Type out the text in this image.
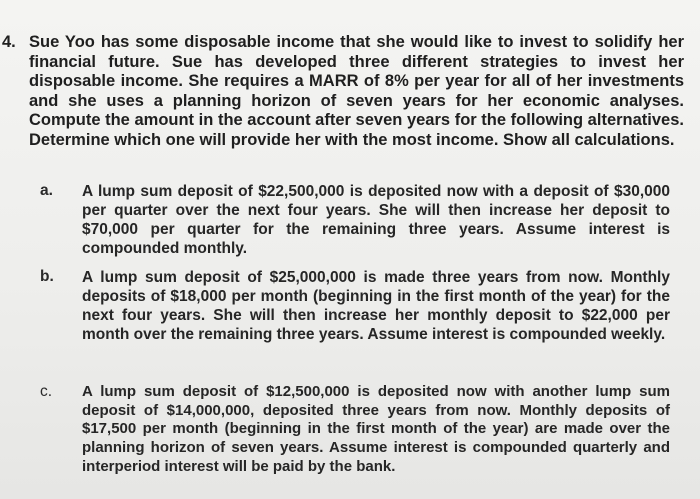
4. Sue Yoo has some disposable income that she would like to invest to solidify her financial future. Sue has developed three different strategies to invest her disposable income. She requires a MARR of 8% per year for all of her investments and she uses a planning horizon of seven years for her economic analyses. Compute the amount in the account after seven years for the following alternatives. Determine which one will provide her with the most income. Show all calculations.
a. A lump sum deposit of $22,500,000 is deposited now with a deposit of $30,000 per quarter over the next four years. She will then increase her deposit to $70,000 per quarter for the remaining three years. Assume interest is compounded monthly.
b. A lump sum deposit of $25,000,000 is made three years from now. Monthly deposits of $18,000 per month (beginning in the first month of the year) for the next four years. She will then increase her monthly deposit to $22,000 per month over the remaining three years. Assume interest is compounded weekly.
c. A lump sum deposit of $12,500,000 is deposited now with another lump sum deposit of $14,000,000, deposited three years from now. Monthly deposits of $17,500 per month (beginning in the first month of the year) are made over the planning horizon of seven years. Assume interest is compounded quarterly and interperiod interest will be paid by the bank.
